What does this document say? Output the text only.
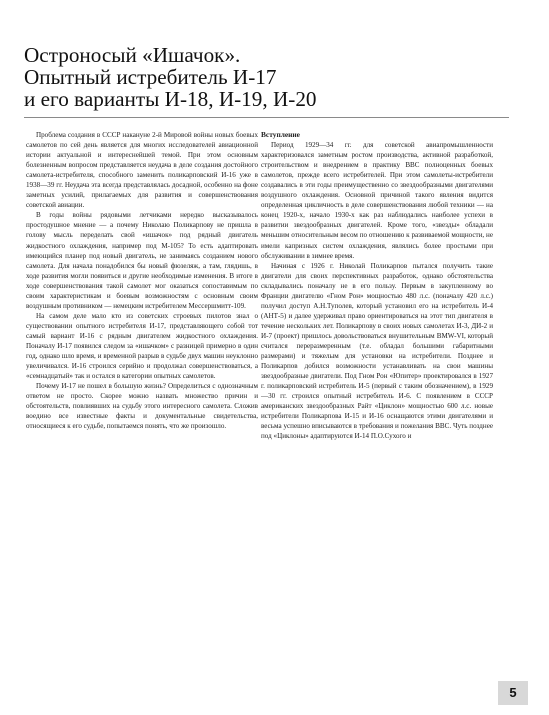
Остроносый «Ишачок».
Опытный истребитель И-17
и его варианты И-18, И-19, И-20

Проблема создания в СССР накануне 2-й Мировой войны новых боевых самолетов по сей день является для многих исследователей авиационной истории актуальной и интереснейшей темой. При этом основным болезненным вопросом представляется неудача в деле создания достойного самолета-истребителя, способного заменить поликарповский И-16 уже в 1938—39 гг. Неудача эта всегда представлялась досадной, особенно на фоне заметных усилий, прилагаемых для развития и совершенствования советской авиации.

В годы войны рядовыми летчиками нередко высказывалось простодушное мнение — а почему Николаю Поликарпову не пришла в голову мысль переделать свой «ишачок» под рядный двигатель жидкостного охлаждения, например под М-105? То есть адаптировать имеющийся планер под новый двигатель, не занимаясь созданием нового самолета. Для начала понадобился бы новый фюзеляж, а там, глядишь, в ходе развития могли появиться и другие необходимые изменения. В итоге в ходе совершенствования такой самолет мог оказаться сопоставимым по своим характеристикам и боевым возможностям с основным своим воздушным противником — немецким истребителем Мессершмитт-109.

На самом деле мало кто из советских строевых пилотов знал о существовании опытного истребителя И-17, представляющего собой тот самый вариант И-16 с рядным двигателем жидкостного охлаждения. Поначалу И-17 появился следом за «ишачком» с разницей примерно в один год, однако шло время, и временной разрыв в судьбе двух машин неуклонно увеличивался. И-16 строился серийно и продолжал совершенствоваться, а «семнадцатый» так и остался в категории опытных самолетов.

Почему И-17 не пошел в большую жизнь? Определиться с однозначным ответом не просто. Скорее можно назвать множество причин и обстоятельств, повлиявших на судьбу этого интересного самолета. Сложив воедино все известные факты и документальные свидетельства, относящиеся к его судьбе, попытаемся понять, что же произошло.

Вступление

Период 1929—34 гг. для советской авиапромышленности характеризовался заметным ростом производства, активной разработкой, строительством и внедрением в практику ВВС полноценных боевых самолетов, прежде всего истребителей. При этом самолеты-истребители создавались в эти годы преимущественно со звездообразными двигателями воздушного охлаждения. Основной причиной такого явления видится определенная цикличность в деле совершенствования любой техники — на конец 1920-х, начало 1930-х как раз наблюдались наиболее успехи в развитии звездообразных двигателей. Кроме того, «звезды» обладали меньшим относительным весом по отношению к развиваемой мощности, не имели капризных систем охлаждения, являлись более простыми при обслуживании в зимнее время.

Начиная с 1926 г. Николай Поликарпов пытался получить такие двигатели для своих перспективных разработок, однако обстоятельства складывались поначалу не в его пользу. Первым в закупленному во Франции двигателю «Гном Рон» мощностью 480 л.с. (поначалу 420 л.с.) получил доступ А.Н.Туполев, который установил его на истребитель И-4 (АНТ-5) и далее удерживал право ориентироваться на этот тип двигателя в течение нескольких лет. Поликарпову в своих новых самолетах И-3, ДИ-2 и И-7 (проект) пришлось довольствоваться внушительным BMW-VI, который считался переразмеренным (т.е. обладал большими габаритными размерами) и тяжелым для установки на истребители. Позднее и Поликарпов добился возможности устанавливать на свои машины звездообразные двигатели. Под Гном Рон «Юпитер» проектировался в 1927 г. поликарповский истребитель И-5 (первый с таким обозначением), в 1929—30 гг. строился опытный истребитель И-6. С появлением в СССР американских звездообразных Райт «Циклон» мощностью 600 л.с. новые истребители Поликарпова И-15 и И-16 оснащаются этими двигателями и весьма успешно вписываются в требования и пожелания ВВС. Чуть позднее под «Циклоны» адаптируются И-14 П.О.Сухого и

5
